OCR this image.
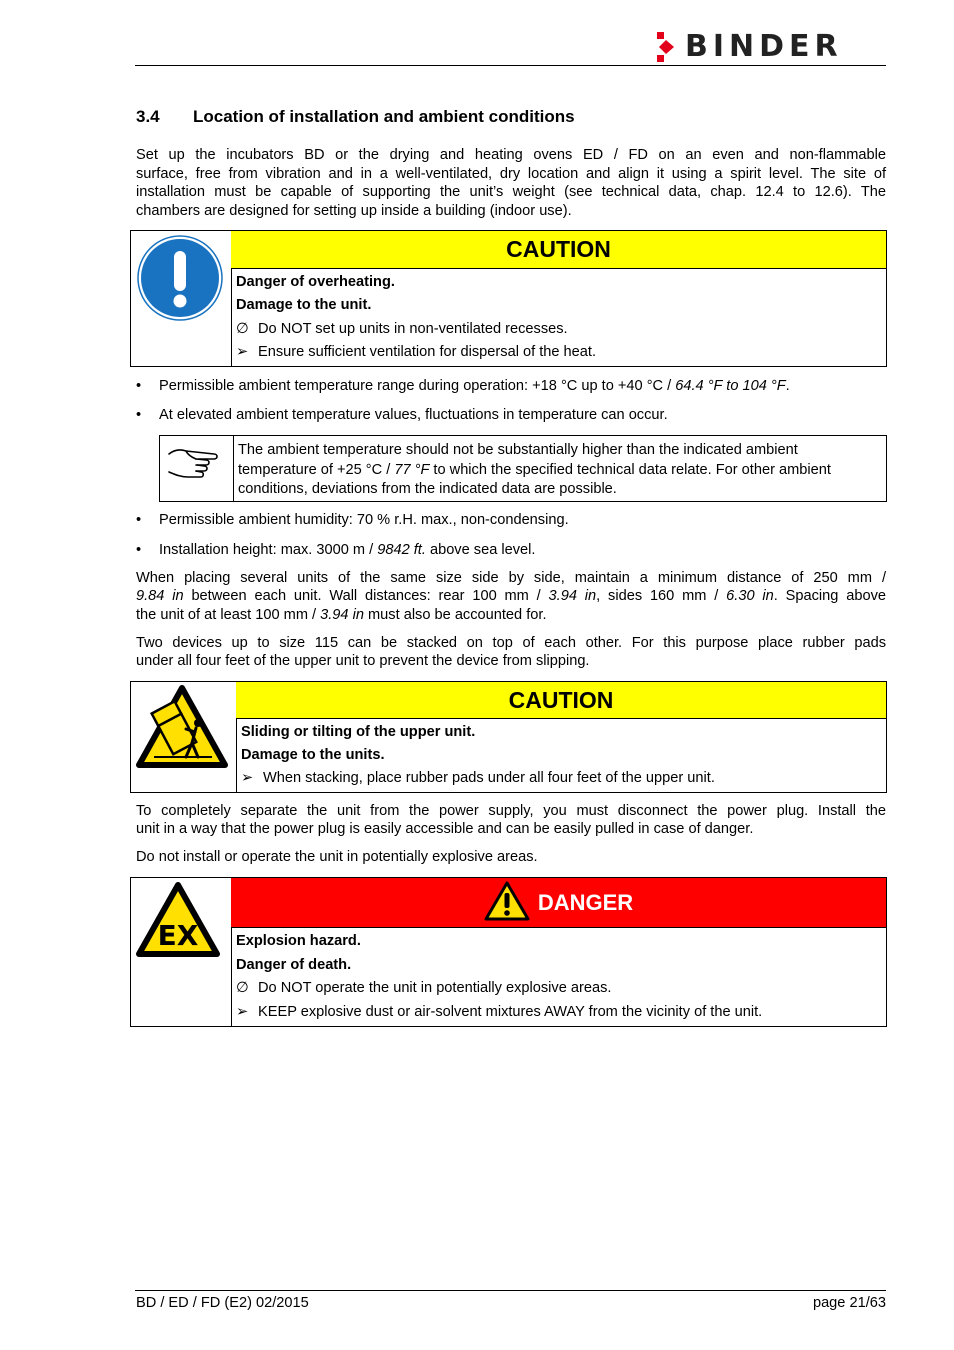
BINDER
3.4 Location of installation and ambient conditions
Set up the incubators BD or the drying and heating ovens ED / FD on an even and non-flammable
surface, free from vibration and in a well-ventilated, dry location and align it using a spirit level. The site of
installation must be capable of supporting the unit’s weight (see technical data, chap. 12.4 to 12.6). The
chambers are designed for setting up inside a building (indoor use).
CAUTION
Danger of overheating.
Damage to the unit.
∅ Do NOT set up units in non-ventilated recesses.
➢ Ensure sufficient ventilation for dispersal of the heat.
•	Permissible ambient temperature range during operation: +18 °C up to +40 °C / 64.4 °F to 104 °F.
•	At elevated ambient temperature values, fluctuations in temperature can occur.
The ambient temperature should not be substantially higher than the indicated ambient temperature of +25 °C / 77 °F to which the specified technical data relate. For other ambient conditions, deviations from the indicated data are possible.
•	Permissible ambient humidity: 70 % r.H. max., non-condensing.
•	Installation height: max. 3000 m / 9842 ft. above sea level.
When placing several units of the same size side by side, maintain a minimum distance of 250 mm /
9.84 in between each unit. Wall distances: rear 100 mm / 3.94 in, sides 160 mm / 6.30 in. Spacing above
the unit of at least 100 mm / 3.94 in must also be accounted for.
Two devices up to size 115 can be stacked on top of each other. For this purpose place rubber pads
under all four feet of the upper unit to prevent the device from slipping.
CAUTION
Sliding or tilting of the upper unit.
Damage to the units.
➢ When stacking, place rubber pads under all four feet of the upper unit.
To completely separate the unit from the power supply, you must disconnect the power plug. Install the
unit in a way that the power plug is easily accessible and can be easily pulled in case of danger.
Do not install or operate the unit in potentially explosive areas.
EX
DANGER
Explosion hazard.
Danger of death.
∅ Do NOT operate the unit in potentially explosive areas.
➢ KEEP explosive dust or air-solvent mixtures AWAY from the vicinity of the unit.
BD / ED / FD (E2) 02/2015	page 21/63
